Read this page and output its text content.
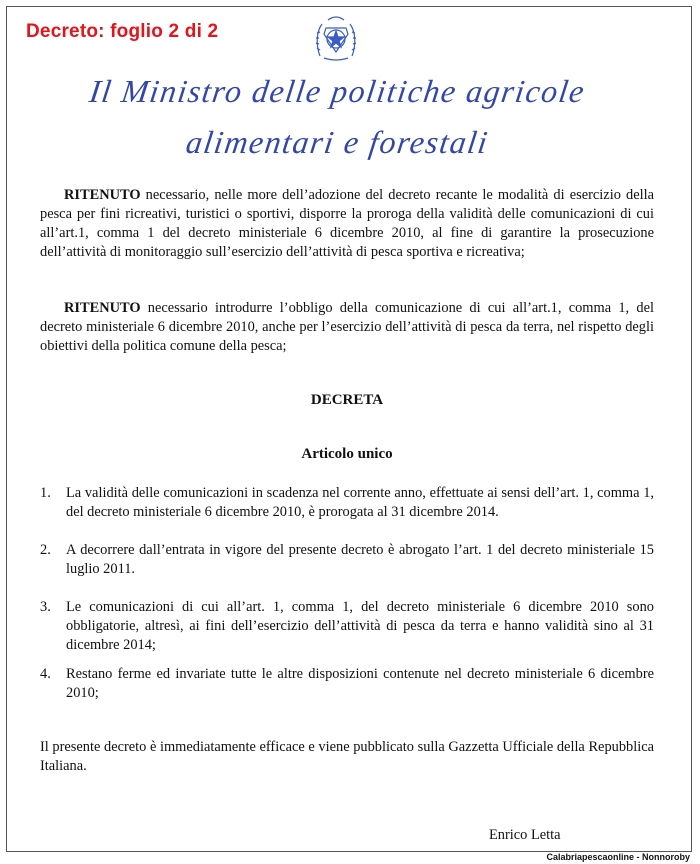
Decreto: foglio 2 di 2
Il Ministro delle politiche agricole
alimentari e forestali

RITENUTO necessario, nelle more dell’adozione del decreto recante le modalità di esercizio della pesca per fini ricreativi, turistici o sportivi, disporre la proroga della validità delle comunicazioni di cui all’art.1, comma 1 del decreto ministeriale 6 dicembre 2010, al fine di garantire la prosecuzione dell’attività di monitoraggio sull’esercizio dell’attività di pesca sportiva e ricreativa;

RITENUTO necessario introdurre l’obbligo della comunicazione di cui all’art.1, comma 1, del decreto ministeriale 6 dicembre 2010, anche per l’esercizio dell’attività di pesca da terra, nel rispetto degli obiettivi della politica comune della pesca;

DECRETA
Articolo unico
1.	La validità delle comunicazioni in scadenza nel corrente anno, effettuate ai sensi dell’art. 1, comma 1, del decreto ministeriale 6 dicembre 2010, è prorogata al 31 dicembre 2014.
2.	A decorrere dall’entrata in vigore del presente decreto è abrogato l’art. 1 del decreto ministeriale 15 luglio 2011.
3.	Le comunicazioni di cui all’art. 1, comma 1, del decreto ministeriale 6 dicembre 2010 sono obbligatorie, altresì, ai fini dell’esercizio dell’attività di pesca da terra e hanno validità sino al 31 dicembre 2014;
4.	Restano ferme ed invariate tutte le altre disposizioni contenute nel decreto ministeriale 6 dicembre 2010;

Il presente decreto è immediatamente efficace e viene pubblicato sulla Gazzetta Ufficiale della Repubblica Italiana.

Enrico Letta
Calabriapescaonline - Nonnoroby
